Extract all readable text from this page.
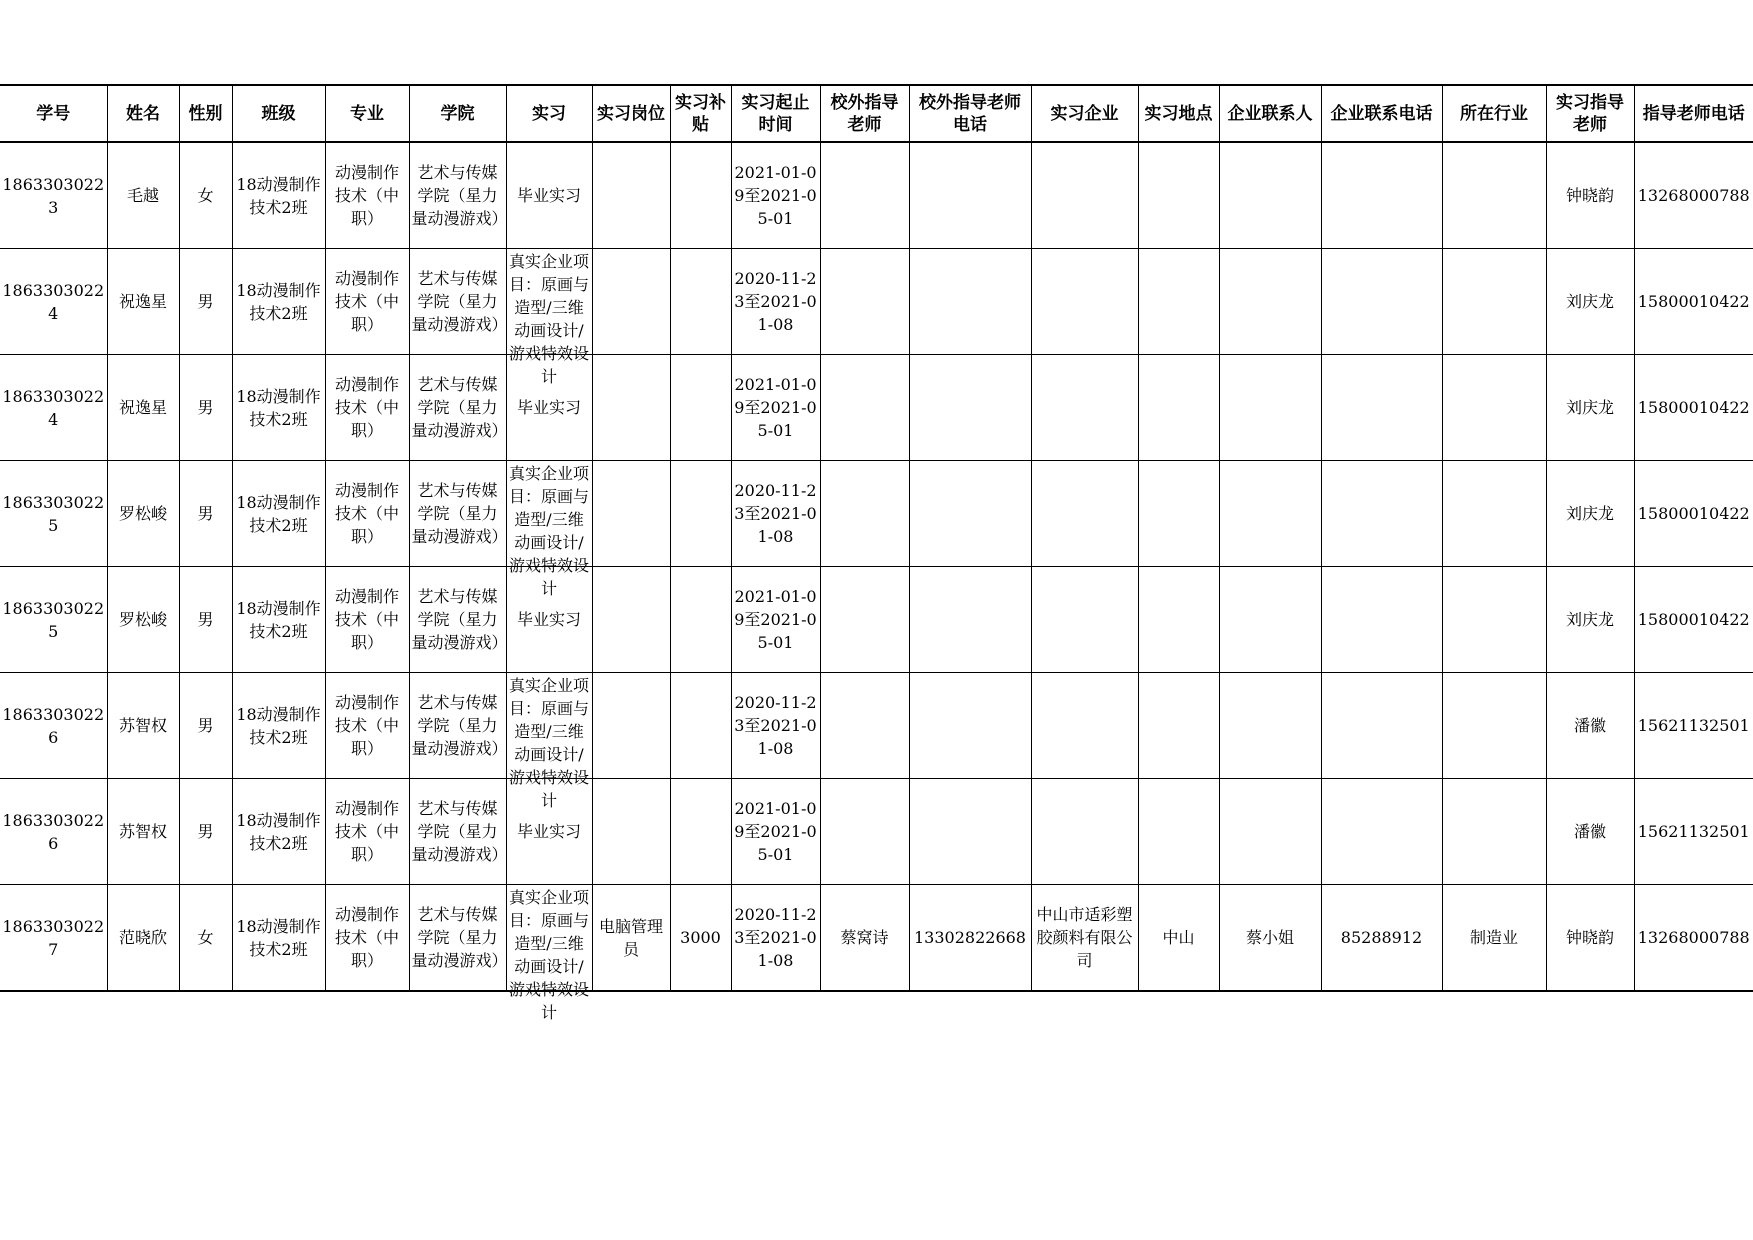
学号	姓名	性别	班级	专业	学院	实习	实习岗位	实习补贴	实习起止时间	校外指导老师	校外指导老师电话	实习企业	实习地点	企业联系人	企业联系电话	所在行业	实习指导老师	指导老师电话

18633030223	毛越	女	18动漫制作技术2班	动漫制作技术（中职）	艺术与传媒学院（星力量动漫游戏）	毕业实习			2021-01-09至2021-05-01								钟晓韵	13268000788

18633030224	祝逸星	男	18动漫制作技术2班	动漫制作技术（中职）	艺术与传媒学院（星力量动漫游戏）	真实企业项目：原画与造型/三维动画设计/游戏特效设计			2020-11-23至2021-01-08								刘庆龙	15800010422

18633030224	祝逸星	男	18动漫制作技术2班	动漫制作技术（中职）	艺术与传媒学院（星力量动漫游戏）	毕业实习			2021-01-09至2021-05-01								刘庆龙	15800010422

18633030225	罗松峻	男	18动漫制作技术2班	动漫制作技术（中职）	艺术与传媒学院（星力量动漫游戏）	真实企业项目：原画与造型/三维动画设计/游戏特效设计			2020-11-23至2021-01-08								刘庆龙	15800010422

18633030225	罗松峻	男	18动漫制作技术2班	动漫制作技术（中职）	艺术与传媒学院（星力量动漫游戏）	毕业实习			2021-01-09至2021-05-01								刘庆龙	15800010422

18633030226	苏智权	男	18动漫制作技术2班	动漫制作技术（中职）	艺术与传媒学院（星力量动漫游戏）	真实企业项目：原画与造型/三维动画设计/游戏特效设计			2020-11-23至2021-01-08								潘徽	15621132501

18633030226	苏智权	男	18动漫制作技术2班	动漫制作技术（中职）	艺术与传媒学院（星力量动漫游戏）	毕业实习			2021-01-09至2021-05-01								潘徽	15621132501

18633030227	范晓欣	女	18动漫制作技术2班	动漫制作技术（中职）	艺术与传媒学院（星力量动漫游戏）	真实企业项目：原画与造型/三维动画设计/游戏特效设计	电脑管理员	3000	2020-11-23至2021-01-08	蔡窝诗	13302822668	中山市适彩塑胶颜料有限公司	中山	蔡小姐	85288912	制造业	钟晓韵	13268000788
